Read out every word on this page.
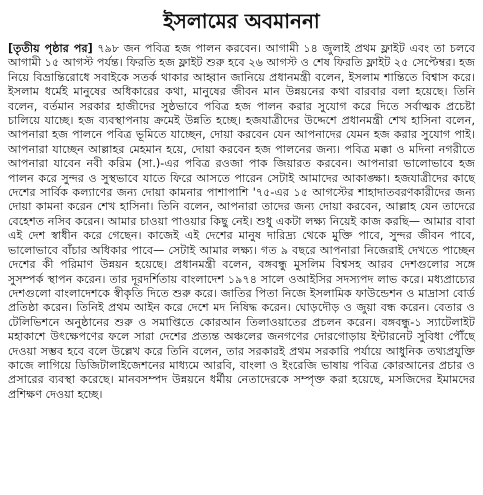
ইসলামের অবমাননা

[তৃতীয় পৃষ্ঠার পর] ৭৯৮ জন পবিত্র হজ পালন করবেন। আগামী ১৪ জুলাই প্রথম ফ্লাইট এবং তা চলবে আগামী ১৫ আগস্ট পর্যন্ত। ফিরতি হজ ফ্লাইট শুরু হবে ২৬ আগস্ট ও শেষ ফিরতি ফ্লাইট ২৫ সেপ্টেম্বর। হজ নিয়ে বিভ্রান্তিরোধে সবাইকে সতর্ক থাকার আহ্বান জানিয়ে প্রধানমন্ত্রী বলেন, ইসলাম শান্তিতে বিশ্বাস করে। ইসলাম ধর্মেই মানুষের অধিকারের কথা, মানুষের জীবন মান উন্নয়নের কথা বারবার বলা হয়েছে। তিনি বলেন, বর্তমান সরকার হাজীদের সুষ্ঠভাবে পবিত্র হজ পালন করার সুযোগ করে দিতে সর্বাত্মক প্রচেষ্টা চালিয়ে যাচ্ছে। হজ ব্যবস্থাপনায় ক্রমেই উন্নতি হচ্ছে। হজযাত্রীদের উদ্দেশে প্রধানমন্ত্রী শেখ হাসিনা বলেন, আপনারা হজ পালনে পবিত্র ভূমিতে যাচ্ছেন, দোয়া করবেন যেন আপনাদের যেমন হজ করার সুযোগ পাই। আপনারা যাচ্ছেন আল্লাহর মেহমান হয়ে, দোয়া করবেন হজ পালনের জন্য। পবিত্র মক্কা ও মদিনা নগরীতে আপনারা যাবেন নবী করিম (সা.)-এর পবিত্র রওজা পাক জিয়ারত করবেন। আপনারা ভালোভাবে হজ পালন করে সুন্দর ও সুস্থভাবে যাতে ফিরে আসতে পারেন সেটাই আমাদের আকাঙ্ক্ষা। হজযাত্রীদের কাছে দেশের সার্বিক কল্যাণের জন্য দোয়া কামনার পাশাপাশি '৭৫-এর ১৫ আগস্টের শাহাদাতবরণকারীদের জন্য দোয়া কামনা করেন শেখ হাসিনা। তিনি বলেন, আপনারা তাদের জন্য দোয়া করবেন, আল্লাহ যেন তাদেরে বেহেশত নসিব করেন। আমার চাওয়া পাওয়ার কিছু নেই। শুধু একটা লক্ষ্য নিয়েই কাজ করছি— আমার বাবা এই দেশ স্বাধীন করে গেছেন। কাজেই এই দেশের মানুষ দারিদ্র্য থেকে মুক্তি পাবে, সুন্দর জীবন পাবে, ভালোভাবে বাঁচার অধিকার পাবে— সেটাই আমার লক্ষ্য। গত ৯ বছরে আপনারা নিজেরাই দেখতে পাচ্ছেন দেশের কী পরিমাণ উন্নয়ন হয়েছে। প্রধানমন্ত্রী বলেন, বঙ্গবন্ধু মুসলিম বিশ্বসহ আরব দেশগুলোর সঙ্গে সুসম্পর্ক স্থাপন করেন। তার দূরদর্শিতায় বাংলাদেশ ১৯৭৪ সালে ওআইসির সদস্যপদ লাভ করে। মধ্যপ্রাচ্যের দেশগুলো বাংলাদেশকে স্বীকৃতি দিতে শুরু করে। জাতির পিতা নিজে ইসলামিক ফাউন্ডেশন ও মাদ্রাসা বোর্ড প্রতিষ্ঠা করেন। তিনিই প্রথম আইন করে দেশে মদ নিষিদ্ধ করেন। ঘোড়দৌড় ও জুয়া বন্ধ করেন। বেতার ও টেলিভিশনে অনুষ্ঠানের শুরু ও সমাপ্তিতে কোরআন তিলাওয়াতের প্রচলন করেন। বঙ্গবন্ধু-১ স্যাটেলাইট মহাকাশে উৎক্ষেপণের ফলে সারা দেশের প্রত্যন্ত অঞ্চলের জনগণের দোরগোড়ায় ইন্টারনেট সুবিধা পৌঁছে দেওয়া সম্ভব হবে বলে উল্লেখ করে তিনি বলেন, তার সরকারই প্রথম সরকারি পর্যায়ে আধুনিক তথ্যপ্রযুক্তি কাজে লাগিয়ে ডিজিটালাইজেশনের মাধ্যমে আরবি, বাংলা ও ইংরেজি ভাষায় পবিত্র কোরআনের প্রচার ও প্রসারের ব্যবস্থা করেছে। মানবসম্পদ উন্নয়নে ধর্মীয় নেতাদেরকে সম্পৃক্ত করা হয়েছে, মসজিদের ইমামদের প্রশিক্ষণ দেওয়া হচ্ছে।
